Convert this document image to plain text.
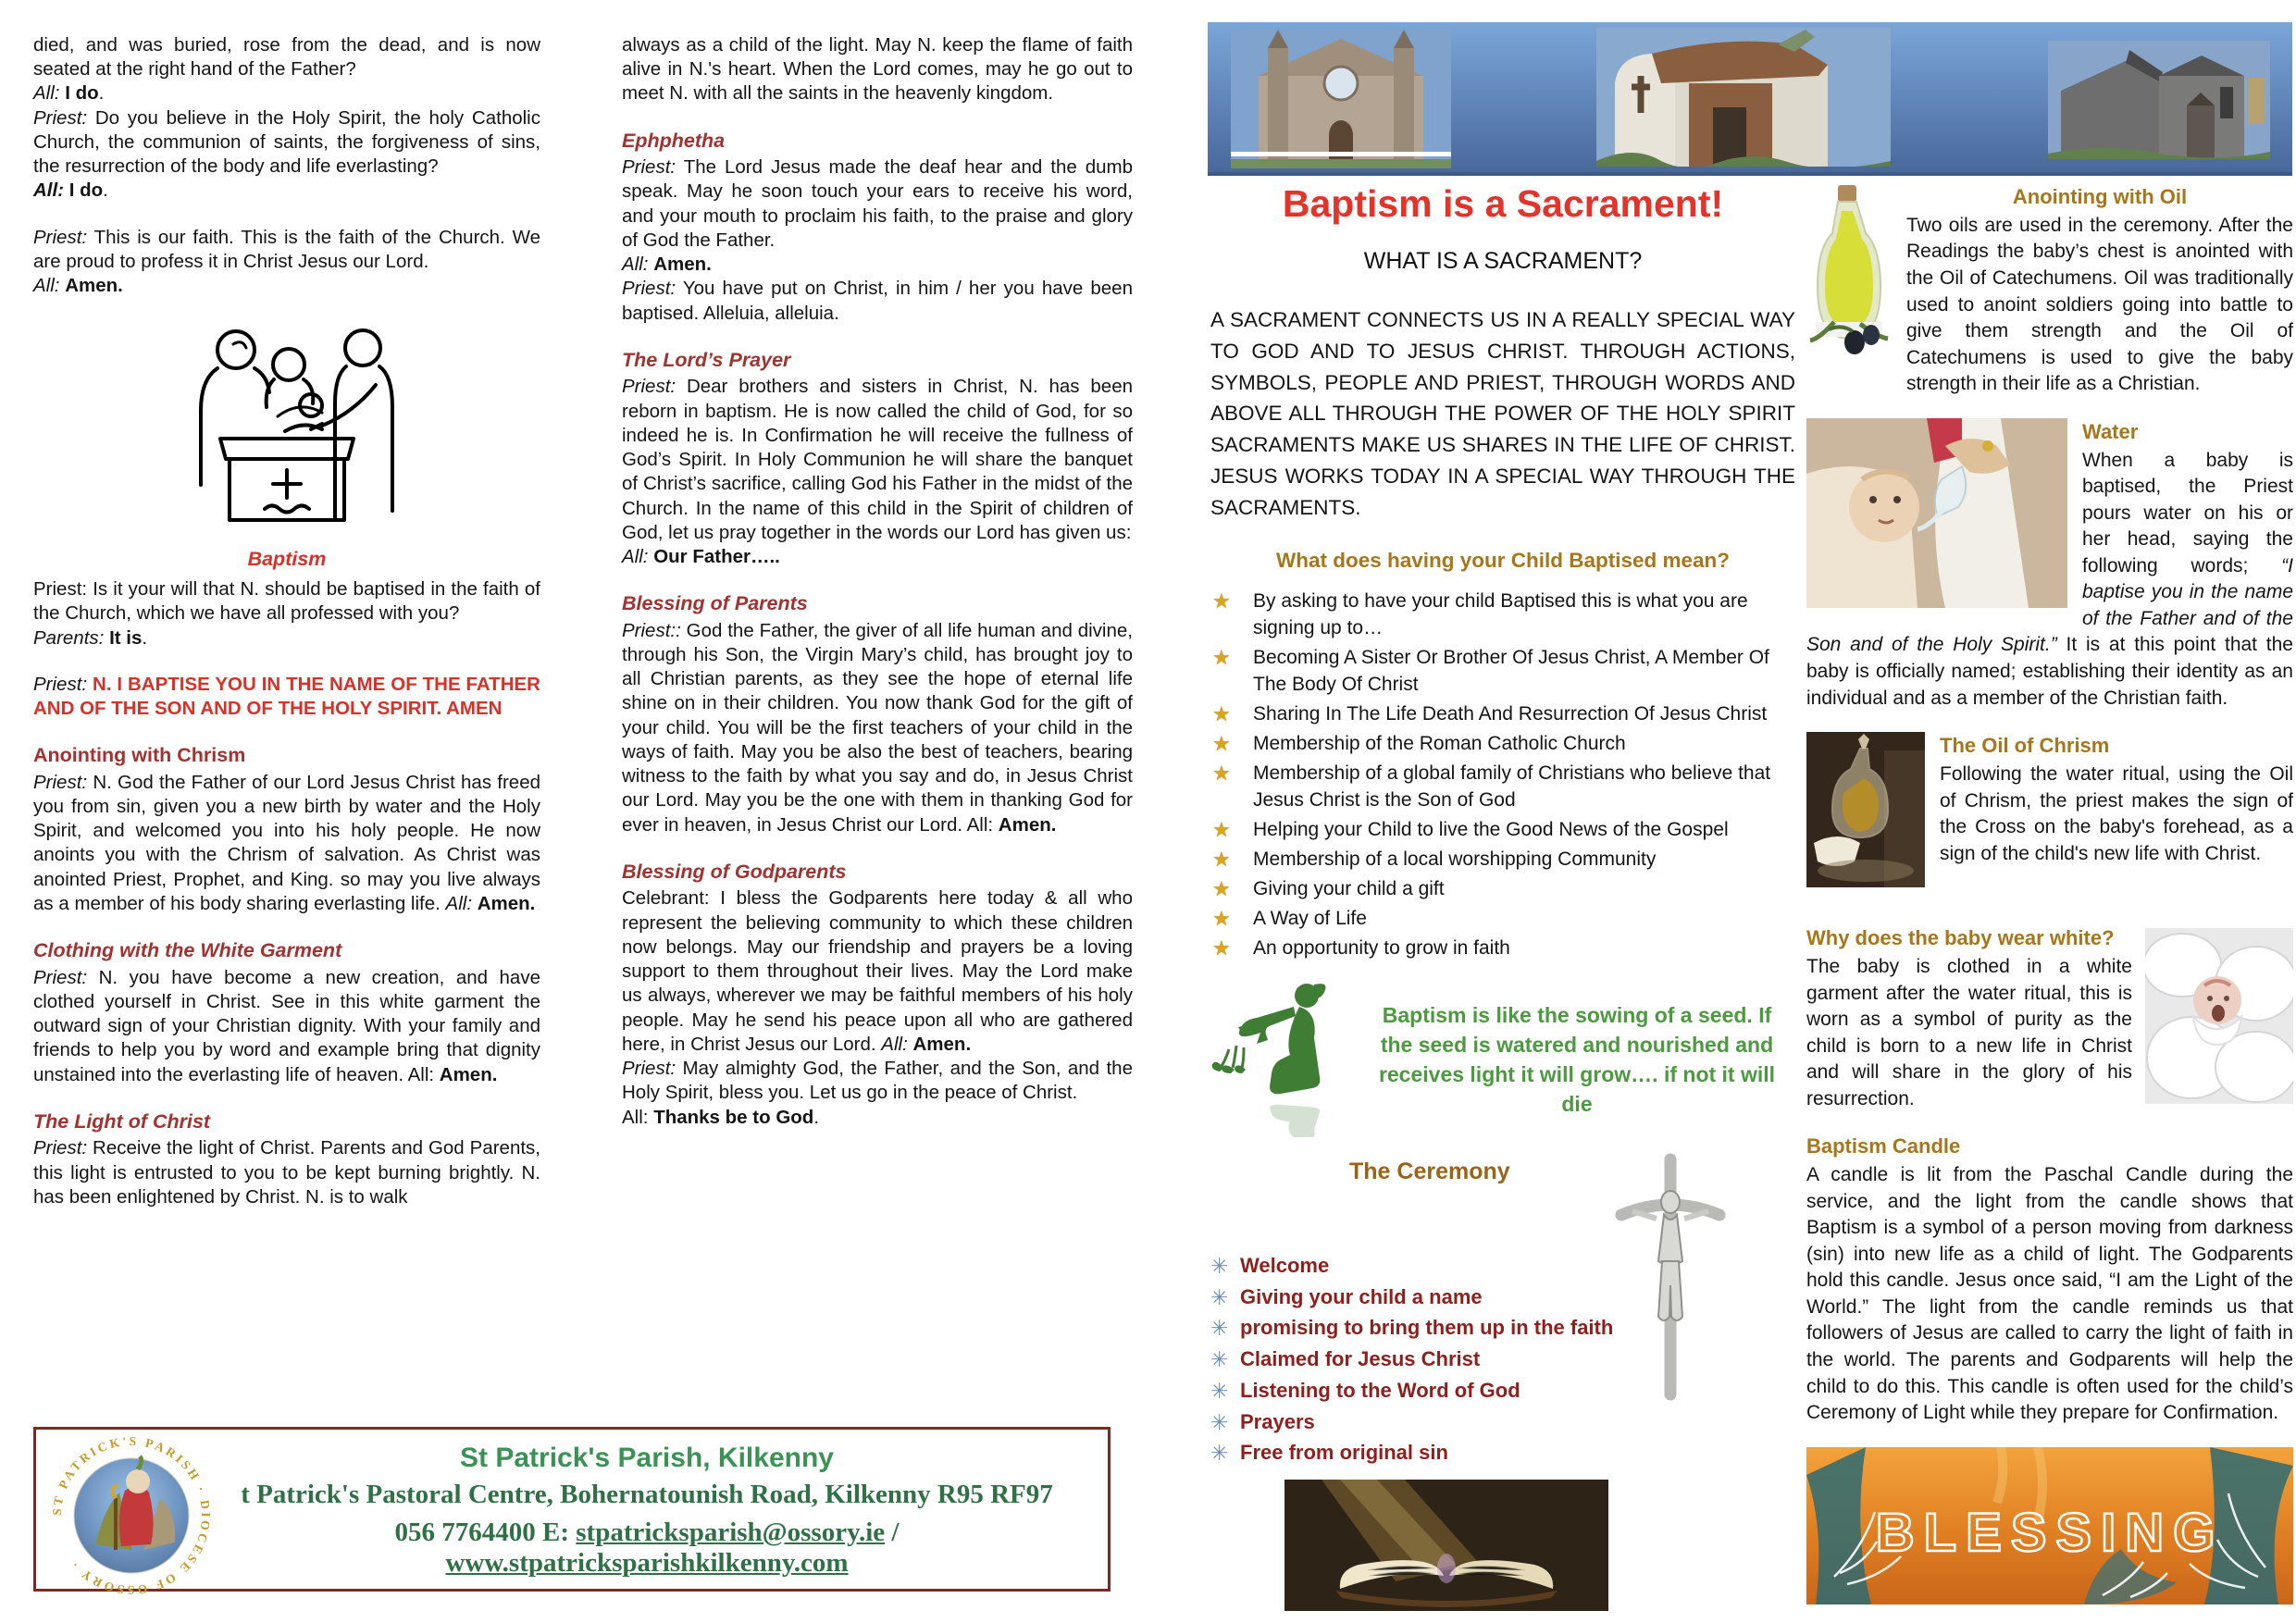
died, and was buried, rose from the dead, and is now seated at the right hand of the Father?
All: I do.
Priest: Do you believe in the Holy Spirit, the holy Catholic Church, the communion of saints, the forgiveness of sins, the resurrection of the body and life everlasting?
All: I do.

Priest: This is our faith. This is the faith of the Church. We are proud to profess it in Christ Jesus our Lord.
All: Amen.

Baptism

Priest: Is it your will that N. should be baptised in the faith of the Church, which we have all professed with you?
Parents: It is.

Priest: N. I BAPTISE YOU IN THE NAME OF THE FATHER AND OF THE SON AND OF THE HOLY SPIRIT. AMEN

Anointing with Chrism

Priest: N. God the Father of our Lord Jesus Christ has freed you from sin, given you a new birth by water and the Holy Spirit, and welcomed you into his holy people. He now anoints you with the Chrism of salvation. As Christ was anointed Priest, Prophet, and King. so may you live always as a member of his body sharing everlasting life. All: Amen.

Clothing with the White Garment

Priest: N. you have become a new creation, and have clothed yourself in Christ. See in this white garment the outward sign of your Christian dignity. With your family and friends to help you by word and example bring that dignity unstained into the everlasting life of heaven. All: Amen.

The Light of Christ

Priest: Receive the light of Christ. Parents and God Parents, this light is entrusted to you to be kept burning brightly. N. has been enlightened by Christ. N. is to walk

always as a child of the light. May N. keep the flame of faith alive in N.'s heart. When the Lord comes, may he go out to meet N. with all the saints in the heavenly kingdom.

Ephphetha

Priest: The Lord Jesus made the deaf hear and the dumb speak. May he soon touch your ears to receive his word, and your mouth to proclaim his faith, to the praise and glory of God the Father.
All: Amen.
Priest: You have put on Christ, in him / her you have been baptised. Alleluia, alleluia.

The Lord’s Prayer

Priest: Dear brothers and sisters in Christ, N. has been reborn in baptism. He is now called the child of God, for so indeed he is. In Confirmation he will receive the fullness of God’s Spirit. In Holy Communion he will share the banquet of Christ’s sacrifice, calling God his Father in the midst of the Church. In the name of this child in the Spirit of children of God, let us pray together in the words our Lord has given us:
All: Our Father…..

Blessing of Parents

Priest:: God the Father, the giver of all life human and divine, through his Son, the Virgin Mary’s child, has brought joy to all Christian parents, as they see the hope of eternal life shine on in their children. You now thank God for the gift of your child. You will be the first teachers of your child in the ways of faith. May you be also the best of teachers, bearing witness to the faith by what you say and do, in Jesus Christ our Lord. May you be the one with them in thanking God for ever in heaven, in Jesus Christ our Lord. All: Amen.

Blessing of Godparents

Celebrant: I bless the Godparents here today & all who represent the believing community to which these children now belongs. May our friendship and prayers be a loving support to them throughout their lives. May the Lord make us always, wherever we may be faithful members of his holy people. May he send his peace upon all who are gathered here, in Christ Jesus our Lord. All: Amen.
Priest: May almighty God, the Father, and the Son, and the Holy Spirit, bless you. Let us go in the peace of Christ.
All: Thanks be to God.

ST PATRICK'S PARISH · DIOCESE OF OSSORY ·
St Patrick's Parish, Kilkenny
t Patrick's Pastoral Centre, Bohernatounish Road, Kilkenny R95 RF97
056 7764400 E: stpatricksparish@ossory.ie / www.stpatricksparishkilkenny.com
Baptism is a Sacrament!
WHAT IS A SACRAMENT?

A SACRAMENT CONNECTS US IN A REALLY SPECIAL WAY TO GOD AND TO JESUS CHRIST. THROUGH ACTIONS, SYMBOLS, PEOPLE AND PRIEST, THROUGH WORDS AND ABOVE ALL THROUGH THE POWER OF THE HOLY SPIRIT SACRAMENTS MAKE US SHARES IN THE LIFE OF CHRIST. JESUS WORKS TODAY IN A SPECIAL WAY THROUGH THE SACRAMENTS.

What does having your Child Baptised mean?
★ By asking to have your child Baptised this is what you are signing up to…
★ Becoming A Sister Or Brother Of Jesus Christ, A Member Of The Body Of Christ
★ Sharing In The Life Death And Resurrection Of Jesus Christ
★ Membership of the Roman Catholic Church
★ Membership of a global family of Christians who believe that Jesus Christ is the Son of God
★ Helping your Child to live the Good News of the Gospel
★ Membership of a local worshipping Community
★ Giving your child a gift
★ A Way of Life
★ An opportunity to grow in faith
Baptism is like the sowing of a seed. If the seed is watered and nourished and receives light it will grow…. if not it will die
The Ceremony
✳ Welcome
✳ Giving your child a name
✳ promising to bring them up in the faith
✳ Claimed for Jesus Christ
✳ Listening to the Word of God
✳ Prayers
✳ Free from original sin
Anointing with Oil

Two oils are used in the ceremony. After the Readings the baby’s chest is anointed with the Oil of Catechumens. Oil was traditionally used to anoint soldiers going into battle to give them strength and the Oil of Catechumens is used to give the baby strength in their life as a Christian.

Water

When a baby is baptised, the Priest pours water on his or her head, saying the following words; “I baptise you in the name of the Father and of the Son and of the Holy Spirit.” It is at this point that the baby is officially named; establishing their identity as an individual and as a member of the Christian faith.

The Oil of Chrism

Following the water ritual, using the Oil of Chrism, the priest makes the sign of the Cross on the baby's forehead, as a sign of the child's new life with Christ.

Why does the baby wear white?

The baby is clothed in a white garment after the water ritual, this is worn as a symbol of purity as the child is born to a new life in Christ and will share in the glory of his resurrection.

Baptism Candle

A candle is lit from the Paschal Candle during the service, and the light from the candle shows that Baptism is a symbol of a person moving from darkness (sin) into new life as a child of light. The Godparents hold this candle. Jesus once said, “I am the Light of the World.” The light from the candle reminds us that followers of Jesus are called to carry the light of faith in the world. The parents and Godparents will help the child to do this. This candle is often used for the child’s Ceremony of Light while they prepare for Confirmation.

BLESSING
